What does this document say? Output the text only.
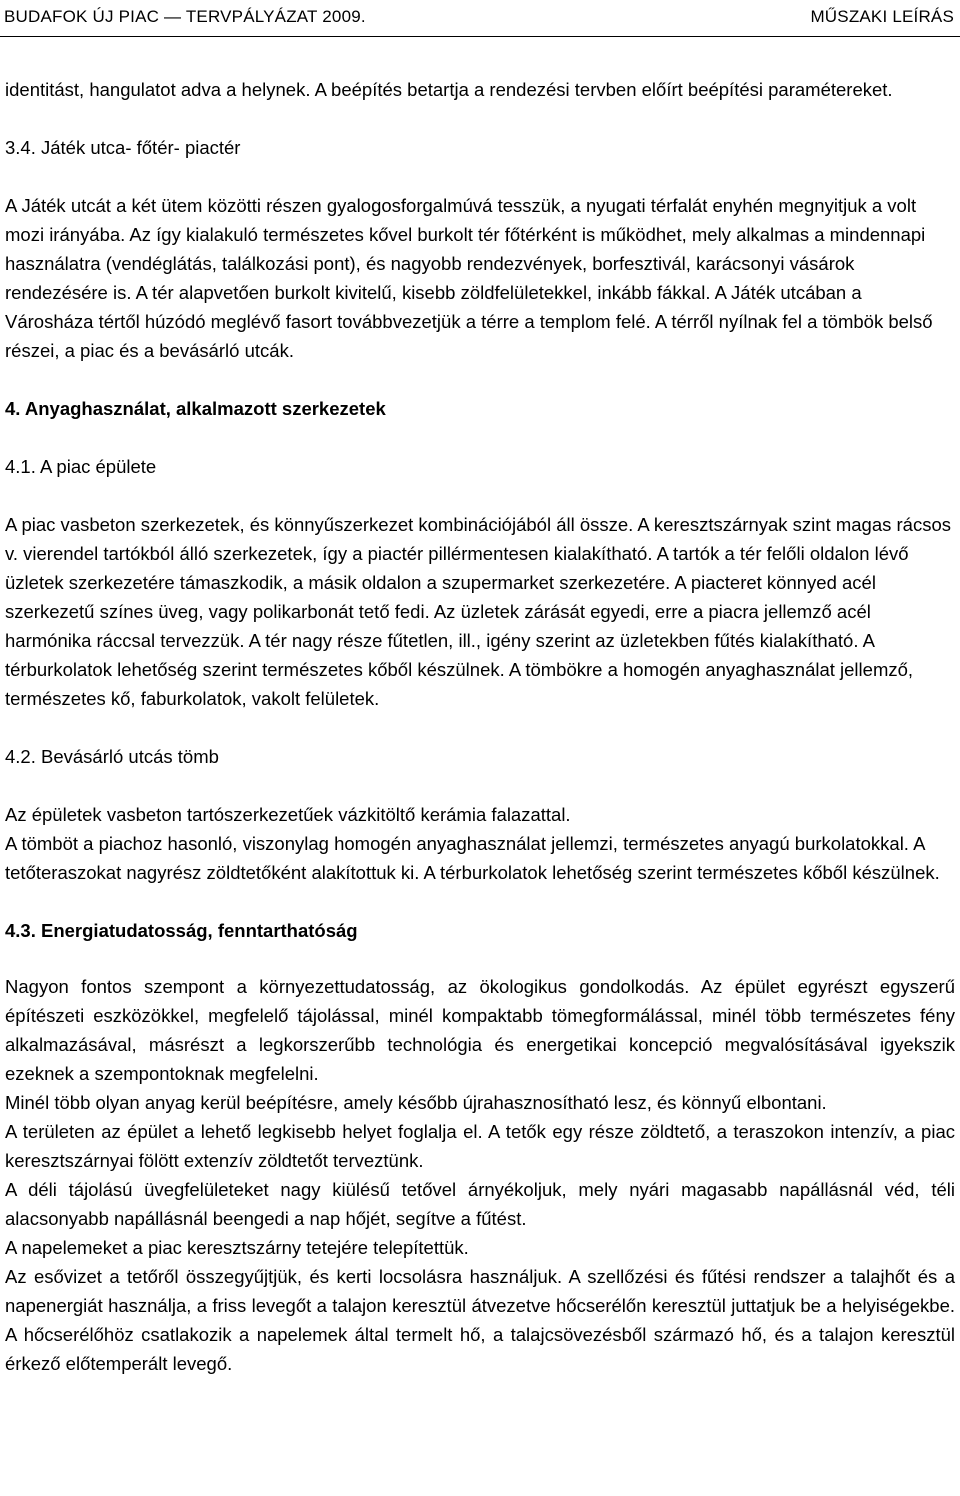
BUDAFOK ÚJ PIAC — TERVPÁLYÁZAT 2009.	MŰSZAKI LEÍRÁS

identitást, hangulatot adva a helynek. A beépítés betartja a rendezési tervben előírt beépítési paramétereket.

3.4. Játék utca- főtér- piactér

A Játék utcát a két ütem közötti részen gyalogosforgalmúvá tesszük, a nyugati térfalát enyhén megnyitjuk a volt mozi irányába. Az így kialakuló természetes kővel burkolt tér főtérként is működhet, mely alkalmas a mindennapi használatra (vendéglátás, találkozási pont), és nagyobb rendezvények, borfesztivál, karácsonyi vásárok rendezésére is. A tér alapvetően burkolt kivitelű, kisebb zöldfelületekkel, inkább fákkal. A Játék utcában a Városháza tértől húzódó meglévő fasort továbbvezetjük a térre a templom felé. A térről nyílnak fel a tömbök belső részei, a piac és a bevásárló utcák.

4. Anyaghasználat, alkalmazott szerkezetek

4.1. A piac épülete

A piac vasbeton szerkezetek, és könnyűszerkezet kombinációjából áll össze. A keresztszárnyak szint magas rácsos v. vierendel tartókból álló szerkezetek, így a piactér pillérmentesen kialakítható. A tartók a tér felőli oldalon lévő üzletek szerkezetére támaszkodik, a másik oldalon a szupermarket szerkezetére. A piacteret könnyed acél szerkezetű színes üveg, vagy polikarbonát tető fedi. Az üzletek zárását egyedi, erre a piacra jellemző acél harmónika ráccsal tervezzük. A tér nagy része fűtetlen, ill., igény szerint az üzletekben fűtés kialakítható. A térburkolatok lehetőség szerint természetes kőből készülnek. A tömbökre a homogén anyaghasználat jellemző, természetes kő, faburkolatok, vakolt felületek.

4.2. Bevásárló utcás tömb

Az épületek vasbeton tartószerkezetűek vázkitöltő kerámia falazattal.

A tömböt a piachoz hasonló, viszonylag homogén anyaghasználat jellemzi, természetes anyagú burkolatokkal. A tetőteraszokat nagyrész zöldtetőként alakítottuk ki. A térburkolatok lehetőség szerint természetes kőből készülnek.

4.3. Energiatudatosság, fenntarthatóság

Nagyon fontos szempont a környezettudatosság, az ökologikus gondolkodás. Az épület egyrészt egyszerű építészeti eszközökkel, megfelelő tájolással, minél kompaktabb tömegformálással, minél több természetes fény alkalmazásával, másrészt a legkorszerűbb technológia és energetikai koncepció megvalósításával igyekszik ezeknek a szempontoknak megfelelni.

Minél több olyan anyag kerül beépítésre, amely később újrahasznosítható lesz, és könnyű elbontani.

A területen az épület a lehető legkisebb helyet foglalja el. A tetők egy része zöldtető, a teraszokon intenzív, a piac keresztszárnyai fölött extenzív zöldtetőt terveztünk.

A déli tájolású üvegfelületeket nagy kiülésű tetővel árnyékoljuk, mely nyári magasabb napállásnál véd, téli alacsonyabb napállásnál beengedi a nap hőjét, segítve a fűtést.

A napelemeket a piac keresztszárny tetejére telepítettük.

Az esővizet a tetőről összegyűjtjük, és kerti locsolásra használjuk. A szellőzési és fűtési rendszer a talajhőt és a napenergiát használja, a friss levegőt a talajon keresztül átvezetve hőcserélőn keresztül juttatjuk be a helyiségekbe. A hőcserélőhöz csatlakozik a napelemek által termelt hő, a talajcsövezésből származó hő, és a talajon keresztül érkező előtemperált levegő.
